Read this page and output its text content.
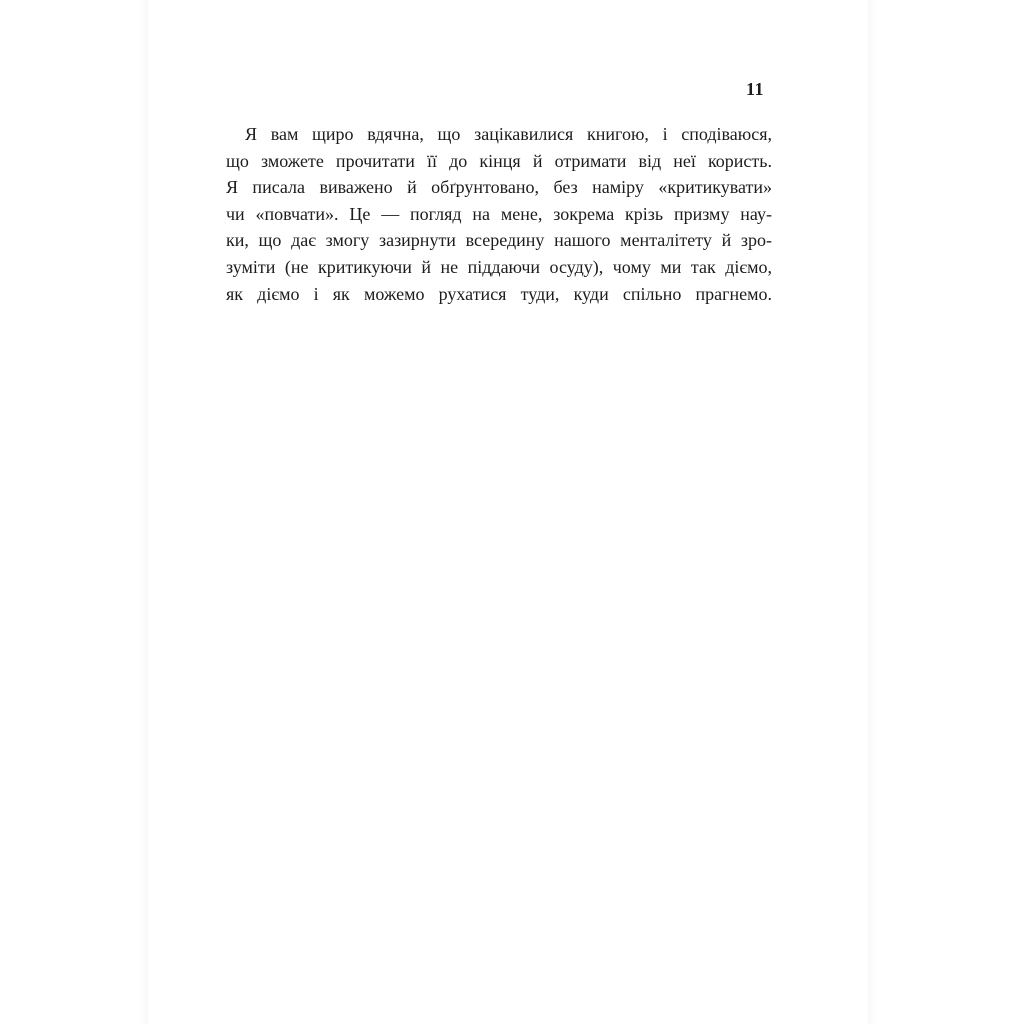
11
Я вам щиро вдячна, що зацікавилися книгою, і сподіваюся,
що зможете прочитати її до кінця й отримати від неї користь.
Я писала виважено й обґрунтовано, без наміру «критикувати»
чи «повчати». Це — погляд на мене, зокрема крізь призму нау-
ки, що дає змогу зазирнути всередину нашого менталітету й зро-
зуміти (не критикуючи й не піддаючи осуду), чому ми так діємо,
як діємо і як можемо рухатися туди, куди спільно прагнемо.
